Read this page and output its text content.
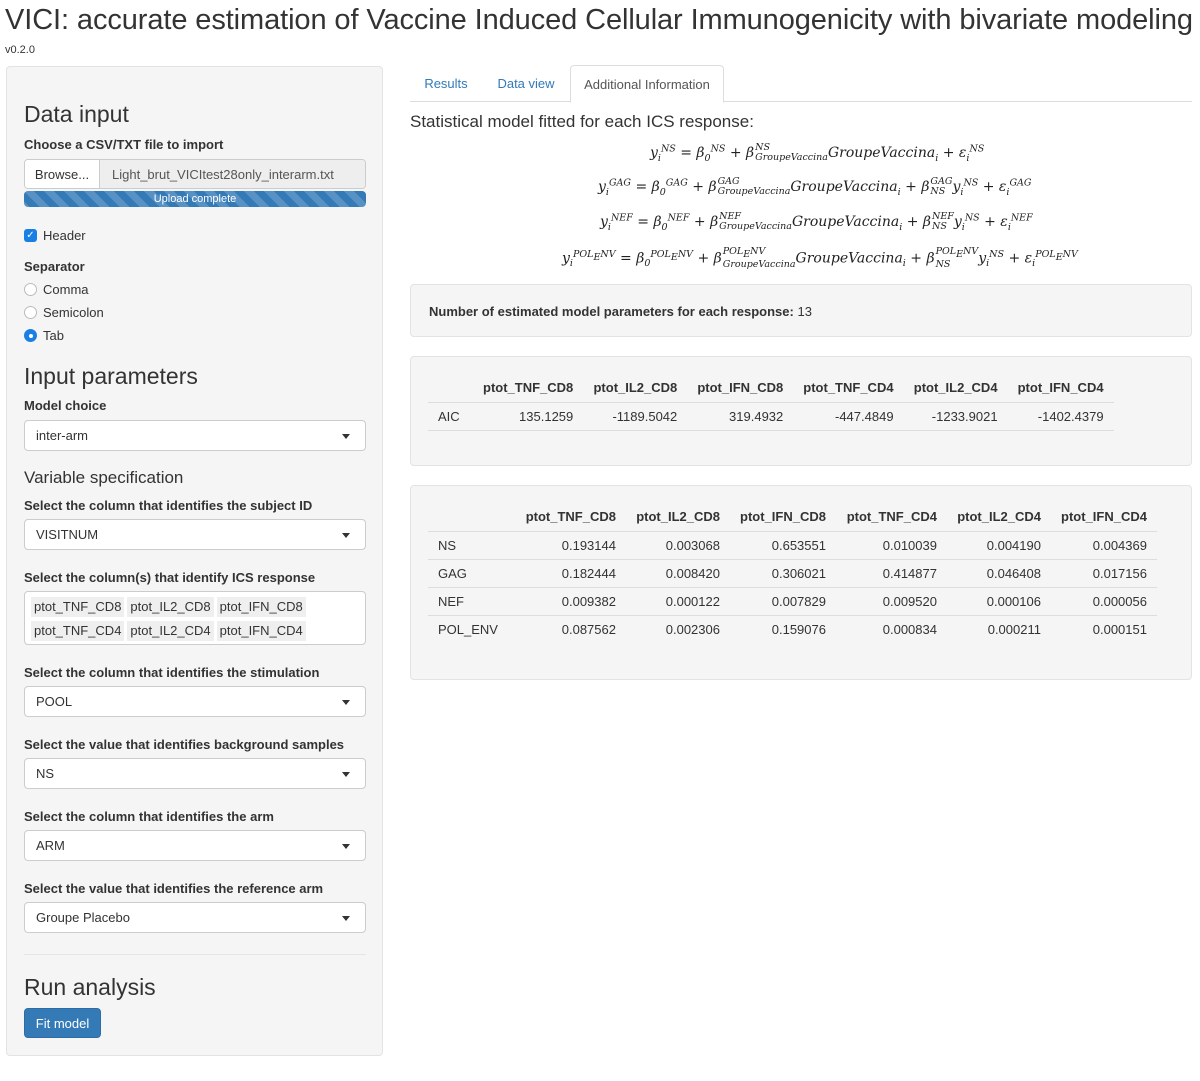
VICI: accurate estimation of Vaccine Induced Cellular Immunogenicity with bivariate modeling
v0.2.0
Data input
Choose a CSV/TXT file to import
Browse...	Light_brut_VICItest28only_interarm.txt
Upload complete
✓ Header
Separator
Comma
Semicolon
Tab
Input parameters
Model choice
inter-arm
Variable specification
Select the column that identifies the subject ID
VISITNUM
Select the column(s) that identify ICS response
ptot_TNF_CD8 ptot_IL2_CD8 ptot_IFN_CD8
ptot_TNF_CD4 ptot_IL2_CD4 ptot_IFN_CD4
Select the column that identifies the stimulation
POOL
Select the value that identifies background samples
NS
Select the column that identifies the arm
ARM
Select the value that identifies the reference arm
Groupe Placebo
Run analysis
Fit model
Results	Data view	Additional Information
Statistical model fitted for each ICS response:
$y_i^{NS} = \beta_0^{NS} + \beta$ NS
GroupeVaccina GroupeVaccina$_i$ + $\varepsilon_i^{NS}$
$y_i^{GAG} = \beta_0^{GAG} + \beta$ GAG
GroupeVaccina GroupeVaccina$_i$ + β GAG
NS $y_i^{NS} + \varepsilon_i^{GAG}$
$y_i^{NEF} = \beta_0^{NEF} + \beta$ NEF
GroupeVaccina GroupeVaccina$_i$ + β NEF
NS $y_i^{NS} + \varepsilon_i^{NEF}$
$y_i^{POL_ENV} = \beta_0^{POL_ENV} + \beta$ $POL_ENV$
GroupeVaccina GroupeVaccina$_i$ + β $POL_ENV$
NS	$y_i^{NS} + \varepsilon_i^{POL_ENV}$
Number of estimated model parameters for each response: 13
	ptot_TNF_CD8	ptot_IL2_CD8	ptot_IFN_CD8	ptot_TNF_CD4	ptot_IL2_CD4	ptot_IFN_CD4
AIC	135.1259	-1189.5042	319.4932	-447.4849	-1233.9021	-1402.4379
	ptot_TNF_CD8	ptot_IL2_CD8	ptot_IFN_CD8	ptot_TNF_CD4	ptot_IL2_CD4	ptot_IFN_CD4
NS	0.193144	0.003068	0.653551	0.010039	0.004190	0.004369
GAG	0.182444	0.008420	0.306021	0.414877	0.046408	0.017156
NEF	0.009382	0.000122	0.007829	0.009520	0.000106	0.000056
POL_ENV	0.087562	0.002306	0.159076	0.000834	0.000211	0.000151
